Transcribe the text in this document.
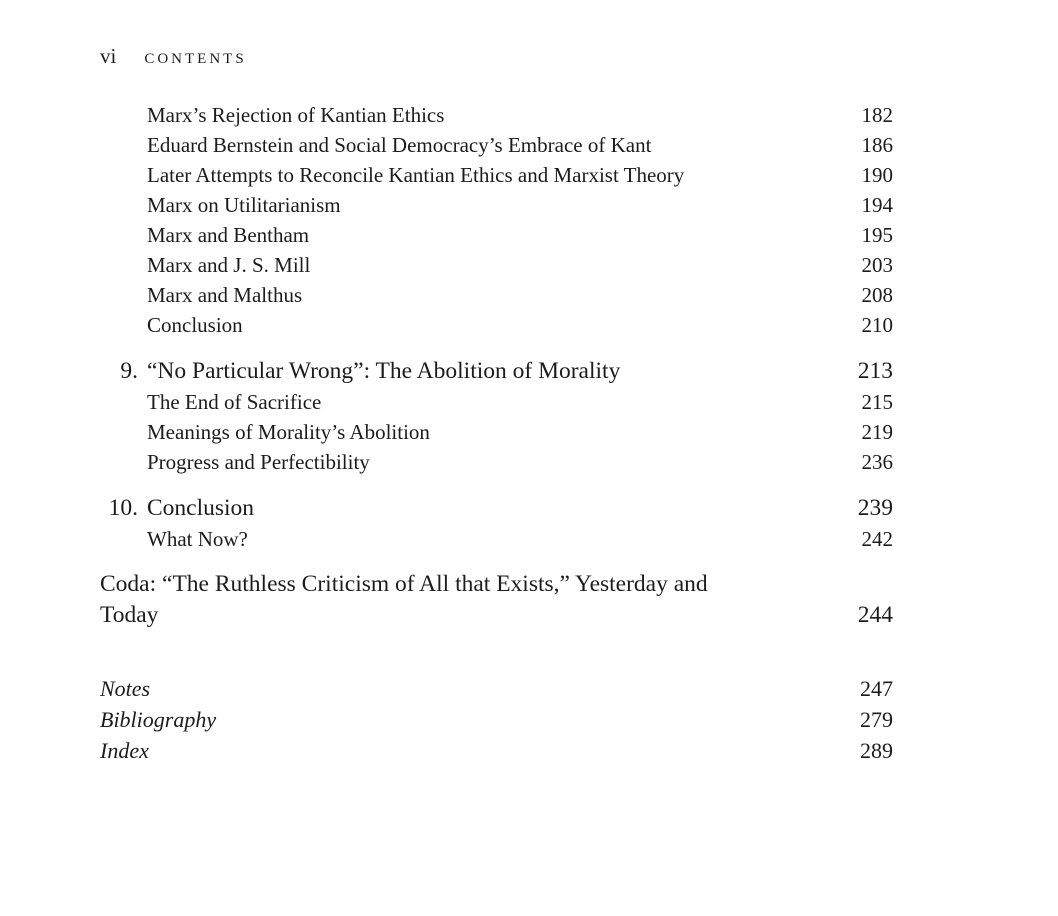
vi CONTENTS
Marx’s Rejection of Kantian Ethics	182
Eduard Bernstein and Social Democracy’s Embrace of Kant	186
Later Attempts to Reconcile Kantian Ethics and Marxist Theory	190
Marx on Utilitarianism	194
Marx and Bentham	195
Marx and J. S. Mill	203
Marx and Malthus	208
Conclusion	210
9. “No Particular Wrong”: The Abolition of Morality	213
The End of Sacrifice	215
Meanings of Morality’s Abolition	219
Progress and Perfectibility	236
10. Conclusion	239
What Now?	242
Coda: “The Ruthless Criticism of All that Exists,” Yesterday and Today	244
Notes	247
Bibliography	279
Index	289
